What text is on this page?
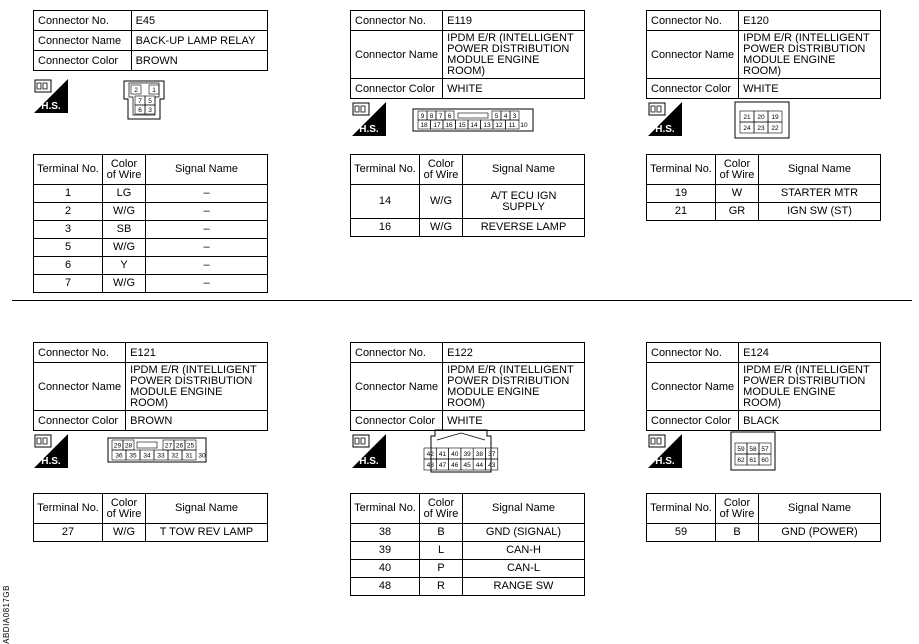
Connector No.	E45
Connector Name	BACK-UP LAMP RELAY
Connector Color	BROWN
Connector No.	E119
Connector Name	IPDM E/R (INTELLIGENT POWER DISTRIBUTION MODULE ENGINE ROOM)
Connector Color	WHITE
Connector No.	E120
Connector Name	IPDM E/R (INTELLIGENT POWER DISTRIBUTION MODULE ENGINE ROOM)
Connector Color	WHITE
Connector No.	E121
Connector Name	IPDM E/R (INTELLIGENT POWER DISTRIBUTION MODULE ENGINE ROOM)
Connector Color	BROWN
Connector No.	E122
Connector Name	IPDM E/R (INTELLIGENT POWER DISTRIBUTION MODULE ENGINE ROOM)
Connector Color	WHITE
Connector No.	E124
Connector Name	IPDM E/R (INTELLIGENT POWER DISTRIBUTION MODULE ENGINE ROOM)
Connector Color	BLACK
H.S.
H.S.	H.S.
H.S.	H.S.	H.S.
2 1
7 5
6 3
9 8 7 6	5 4 3
18 17 16 15 14 13 12 11 10
21 20 19
24 23 22
29 28	27 26 25
36 35 34 33 32 31 30	42 41 40 39 38 37
48 47 46 45 44 43
59 58 57
62 61 60
Terminal No.	Color of Wire	Signal Name
1	LG	–
2	W/G	–
3	SB	–
5	W/G	–
6	Y	–
7	W/G	–
Terminal No.	Color of Wire	Signal Name
14	W/G	A/T ECU IGN SUPPLY
16	W/G	REVERSE LAMP
Terminal No.	Color of Wire	Signal Name
19	W	STARTER MTR
21	GR	IGN SW (ST)
Terminal No.	Color of Wire	Signal Name
27	W/G	T TOW REV LAMP
Terminal No.	Color of Wire	Signal Name
38	B	GND (SIGNAL)
39	L	CAN-H
40	P	CAN-L
48	R	RANGE SW
Terminal No.	Color of Wire	Signal Name
59	B	GND (POWER)
ABDIA0817GB
